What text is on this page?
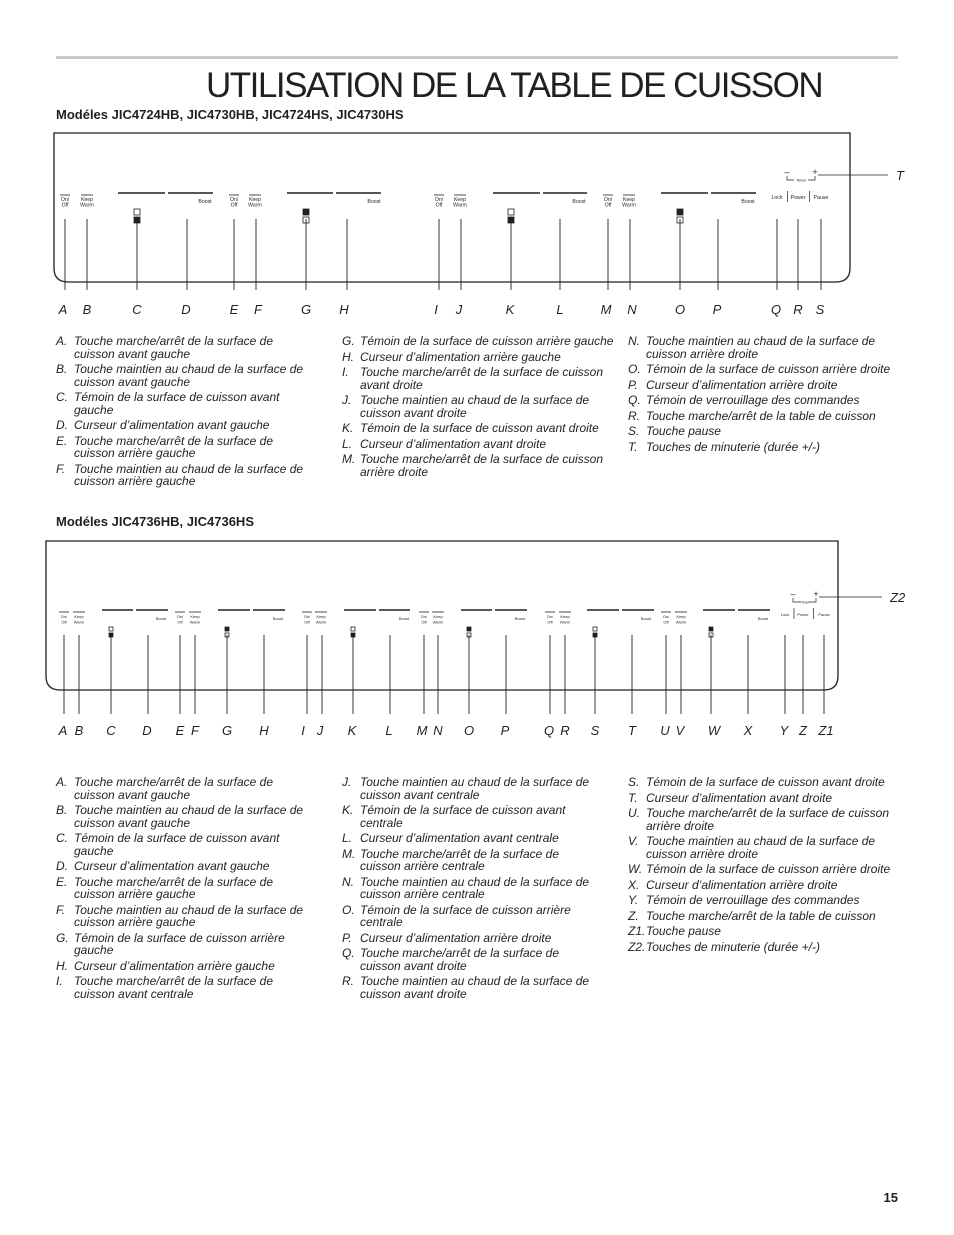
UTILISATION DE LA TABLE DE CUISSON
Modéles JIC4724HB, JIC4730HB, JIC4724HS, JIC4730HS
On/
Off
Keep
Warm
Boost	On/
Off
Keep
Warm
Boost	On/
Off
Keep
Warm
Boost	On/
Off
Keep
Warm
Boost
Lock Power Pause
–	+
Timer	T
A B	C	D	E F	G H	I J	K	L	M N	O P	Q R S
A. Touche marche/arrêt de la surface de cuisson avant gauche
B. Touche maintien au chaud de la surface de cuisson avant gauche
C. Témoin de la surface de cuisson avant gauche
D. Curseur d’alimentation avant gauche
E. Touche marche/arrêt de la surface de cuisson arrière gauche
F. Touche maintien au chaud de la surface de cuisson arrière gauche
G. Témoin de la surface de cuisson arrière gauche
H. Curseur d’alimentation arrière gauche
I. Touche marche/arrêt de la surface de cuisson avant droite
J. Touche maintien au chaud de la surface de cuisson avant droite
K. Témoin de la surface de cuisson avant droite
L. Curseur d’alimentation avant droite
M. Touche marche/arrêt de la surface de cuisson arrière droite
N. Touche maintien au chaud de la surface de cuisson arrière droite
O. Témoin de la surface de cuisson arrière droite
P. Curseur d’alimentation arrière droite
Q. Témoin de verrouillage des commandes
R. Touche marche/arrêt de la table de cuisson
S. Touche pause
T. Touches de minuterie (durée +/-)
Modéles JIC4736HB, JIC4736HS
On/
Off
Keep
Warm
Boost	On/
Off
Keep
Warm
Boost	On/
Off
Keep
Warm
Boost	On/
Off
Keep
Warm
Boost	On/
Off
Keep
Warm
Boost	On/
Off
Keep
Warm
Boost
Lock Power Pause
– +
Timer	Z2
A B C D E F G H I J K L M N O P	Q R S T U V W X Y Z Z1
A. Touche marche/arrêt de la surface de cuisson avant gauche
B. Touche maintien au chaud de la surface de cuisson avant gauche
C. Témoin de la surface de cuisson avant gauche
D. Curseur d’alimentation avant gauche
E. Touche marche/arrêt de la surface de cuisson arrière gauche
F. Touche maintien au chaud de la surface de cuisson arrière gauche
G. Témoin de la surface de cuisson arrière gauche
H. Curseur d’alimentation arrière gauche
I. Touche marche/arrêt de la surface de cuisson avant centrale
J. Touche maintien au chaud de la surface de cuisson avant centrale
K. Témoin de la surface de cuisson avant centrale
L. Curseur d’alimentation avant centrale
M. Touche marche/arrêt de la surface de cuisson arrière centrale
N. Touche maintien au chaud de la surface de cuisson arrière centrale
O. Témoin de la surface de cuisson arrière centrale
P. Curseur d’alimentation arrière droite
Q. Touche marche/arrêt de la surface de cuisson avant droite
R. Touche maintien au chaud de la surface de cuisson avant droite
S. Témoin de la surface de cuisson avant droite
T. Curseur d’alimentation avant droite
U. Touche marche/arrêt de la surface de cuisson arrière droite
V. Touche maintien au chaud de la surface de cuisson arrière droite
W. Témoin de la surface de cuisson arrière droite
X. Curseur d’alimentation arrière droite
Y. Témoin de verrouillage des commandes
Z. Touche marche/arrêt de la table de cuisson
Z1. Touche pause
Z2. Touches de minuterie (durée +/-)
15
